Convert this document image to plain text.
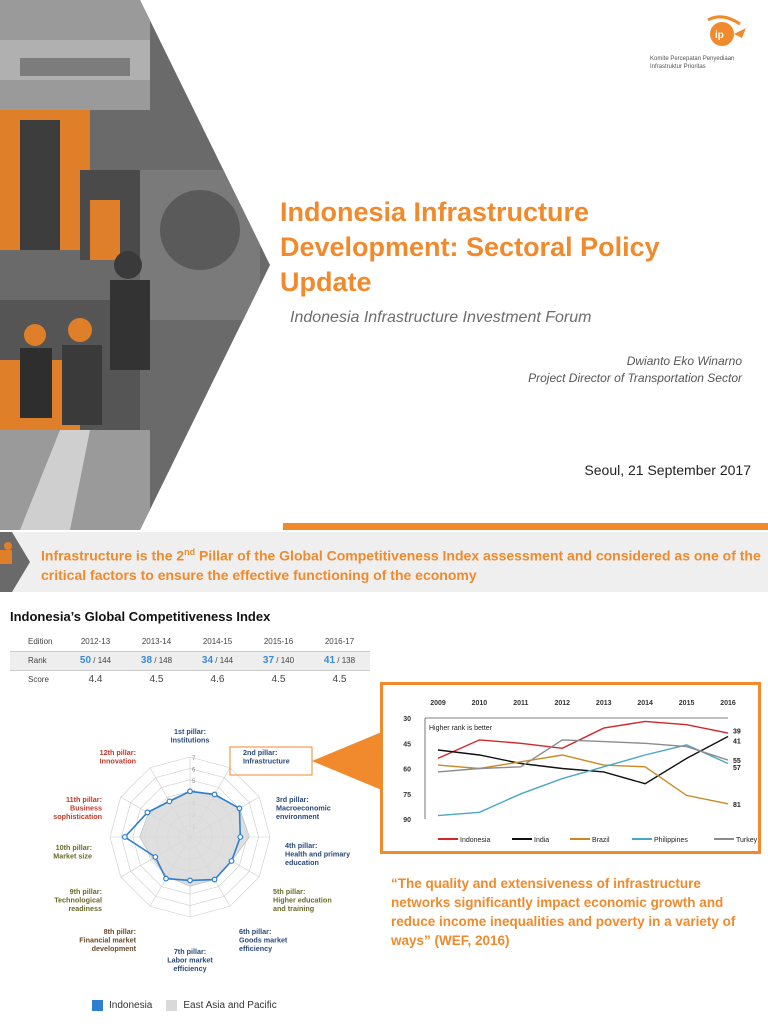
ip
Komite Percepatan Penyediaan
Infrastruktur Prioritas
Indonesia Infrastructure Development: Sectoral Policy Update
Indonesia Infrastructure Investment Forum
Dwianto Eko Winarno
Project Director of Transportation Sector
Seoul, 21 September 2017
Infrastructure is the 2nd Pillar of the Global Competitiveness Index assessment and considered as one of the critical factors to ensure the effective functioning of the economy
Indonesia’s Global Competitiveness Index
Edition	2012-13	2013-14	2014-15	2015-16	2016-17
Rank	50 / 144	38 / 148	34 / 144	37 / 140	41 / 138
Score	4.4	4.5	4.6	4.5	4.5
7
6
5
1st pillar:
Institutions
2nd pillar:
Infrastructure
3rd pillar:
Macroeconomic
environment
4th pillar:
Health and primary
education
5th pillar:
Higher education
and training
6th pillar:
Goods market
efficiency
7th pillar:
Labor market
efficiency
8th pillar:
Financial market
development
9th pillar:
Technological
readiness
10th pillar:
Market size
11th pillar:
Business
sophistication
12th pillar:
Innovation
Indonesia	East Asia and Pacific
2009	2010	2011	2012	2013	2014	2015	2016
30
45
60
75
90
Higher rank is better	39
41
55
57
81
Indonesia	India	Brazil	Philippines	Turkey
“The quality and extensiveness of infrastructure networks significantly impact economic growth and reduce income inequalities and poverty in a variety of ways” (WEF, 2016)
